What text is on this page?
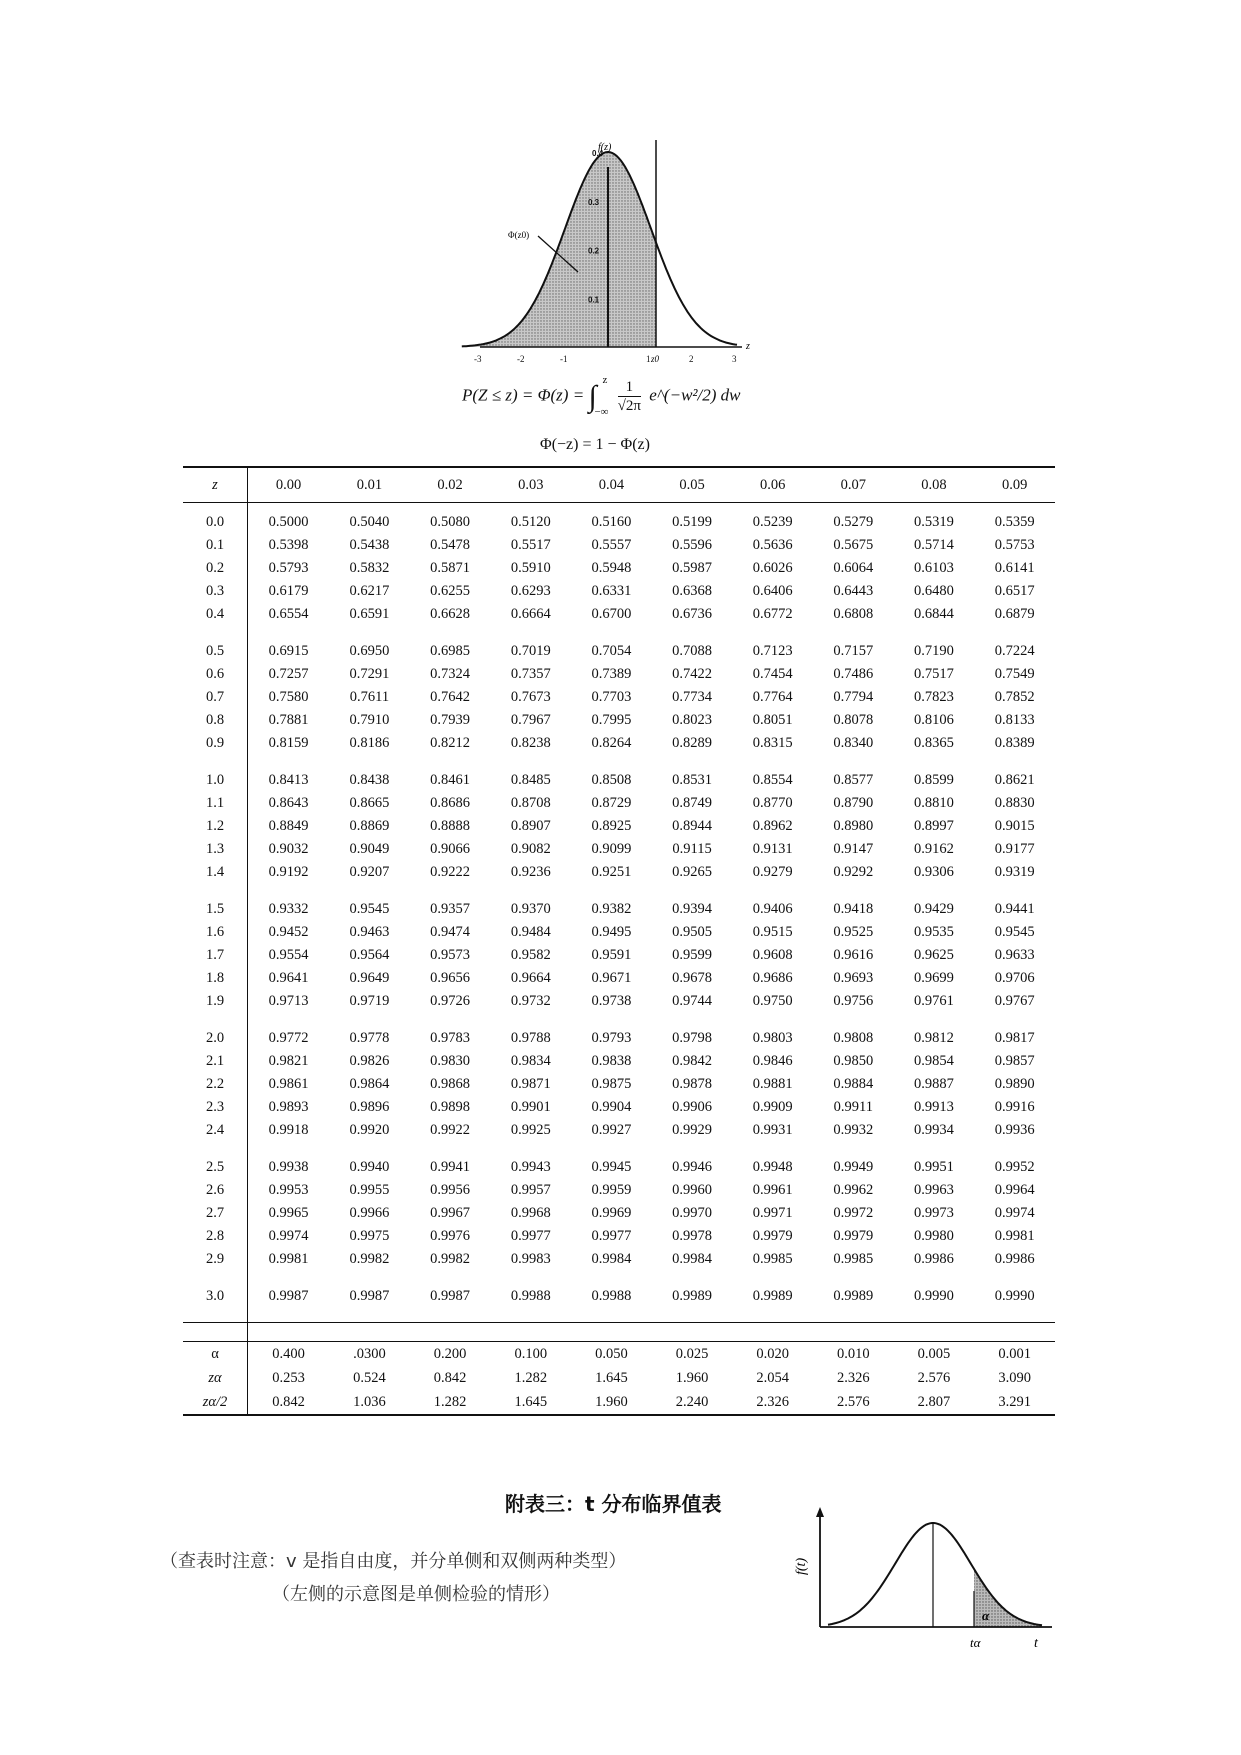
f(z)
z
-3	-2	-1	1	2	3
z0
0.4
0.3
0.2
0.1
Φ(z0)
P(Z ≤ z) = Φ(z) = ∫ z
−∞
$\frac{1}{√2\pi}$ e^(−w²/2) dw
Φ(−z) = 1 − Φ(z)
z	0.00	0.01	0.02	0.03	0.04	0.05	0.06	0.07	0.08	0.09

0.0	0.5000	0.5040	0.5080	0.5120	0.5160	0.5199	0.5239	0.5279	0.5319	0.5359
0.1	0.5398	0.5438	0.5478	0.5517	0.5557	0.5596	0.5636	0.5675	0.5714	0.5753
0.2	0.5793	0.5832	0.5871	0.5910	0.5948	0.5987	0.6026	0.6064	0.6103	0.6141
0.3	0.6179	0.6217	0.6255	0.6293	0.6331	0.6368	0.6406	0.6443	0.6480	0.6517
0.4	0.6554	0.6591	0.6628	0.6664	0.6700	0.6736	0.6772	0.6808	0.6844	0.6879

0.5	0.6915	0.6950	0.6985	0.7019	0.7054	0.7088	0.7123	0.7157	0.7190	0.7224
0.6	0.7257	0.7291	0.7324	0.7357	0.7389	0.7422	0.7454	0.7486	0.7517	0.7549
0.7	0.7580	0.7611	0.7642	0.7673	0.7703	0.7734	0.7764	0.7794	0.7823	0.7852
0.8	0.7881	0.7910	0.7939	0.7967	0.7995	0.8023	0.8051	0.8078	0.8106	0.8133
0.9	0.8159	0.8186	0.8212	0.8238	0.8264	0.8289	0.8315	0.8340	0.8365	0.8389

1.0	0.8413	0.8438	0.8461	0.8485	0.8508	0.8531	0.8554	0.8577	0.8599	0.8621
1.1	0.8643	0.8665	0.8686	0.8708	0.8729	0.8749	0.8770	0.8790	0.8810	0.8830
1.2	0.8849	0.8869	0.8888	0.8907	0.8925	0.8944	0.8962	0.8980	0.8997	0.9015
1.3	0.9032	0.9049	0.9066	0.9082	0.9099	0.9115	0.9131	0.9147	0.9162	0.9177
1.4	0.9192	0.9207	0.9222	0.9236	0.9251	0.9265	0.9279	0.9292	0.9306	0.9319

1.5	0.9332	0.9545	0.9357	0.9370	0.9382	0.9394	0.9406	0.9418	0.9429	0.9441
1.6	0.9452	0.9463	0.9474	0.9484	0.9495	0.9505	0.9515	0.9525	0.9535	0.9545
1.7	0.9554	0.9564	0.9573	0.9582	0.9591	0.9599	0.9608	0.9616	0.9625	0.9633
1.8	0.9641	0.9649	0.9656	0.9664	0.9671	0.9678	0.9686	0.9693	0.9699	0.9706
1.9	0.9713	0.9719	0.9726	0.9732	0.9738	0.9744	0.9750	0.9756	0.9761	0.9767

2.0	0.9772	0.9778	0.9783	0.9788	0.9793	0.9798	0.9803	0.9808	0.9812	0.9817
2.1	0.9821	0.9826	0.9830	0.9834	0.9838	0.9842	0.9846	0.9850	0.9854	0.9857
2.2	0.9861	0.9864	0.9868	0.9871	0.9875	0.9878	0.9881	0.9884	0.9887	0.9890
2.3	0.9893	0.9896	0.9898	0.9901	0.9904	0.9906	0.9909	0.9911	0.9913	0.9916
2.4	0.9918	0.9920	0.9922	0.9925	0.9927	0.9929	0.9931	0.9932	0.9934	0.9936

2.5	0.9938	0.9940	0.9941	0.9943	0.9945	0.9946	0.9948	0.9949	0.9951	0.9952
2.6	0.9953	0.9955	0.9956	0.9957	0.9959	0.9960	0.9961	0.9962	0.9963	0.9964
2.7	0.9965	0.9966	0.9967	0.9968	0.9969	0.9970	0.9971	0.9972	0.9973	0.9974
2.8	0.9974	0.9975	0.9976	0.9977	0.9977	0.9978	0.9979	0.9979	0.9980	0.9981
2.9	0.9981	0.9982	0.9982	0.9983	0.9984	0.9984	0.9985	0.9985	0.9986	0.9986

3.0	0.9987	0.9987	0.9987	0.9988	0.9988	0.9989	0.9989	0.9989	0.9990	0.9990

α	0.400	.0300	0.200	0.100	0.050	0.025	0.020	0.010	0.005	0.001
zα	0.253	0.524	0.842	1.282	1.645	1.960	2.054	2.326	2.576	3.090
zα/2	0.842	1.036	1.282	1.645	1.960	2.240	2.326	2.576	2.807	3.291
附表三：t 分布临界值表
（查表时注意：v 是指自由度，并分单侧和双侧两种类型）
（左侧的示意图是单侧检验的情形）
f(t)
tα	t
α
